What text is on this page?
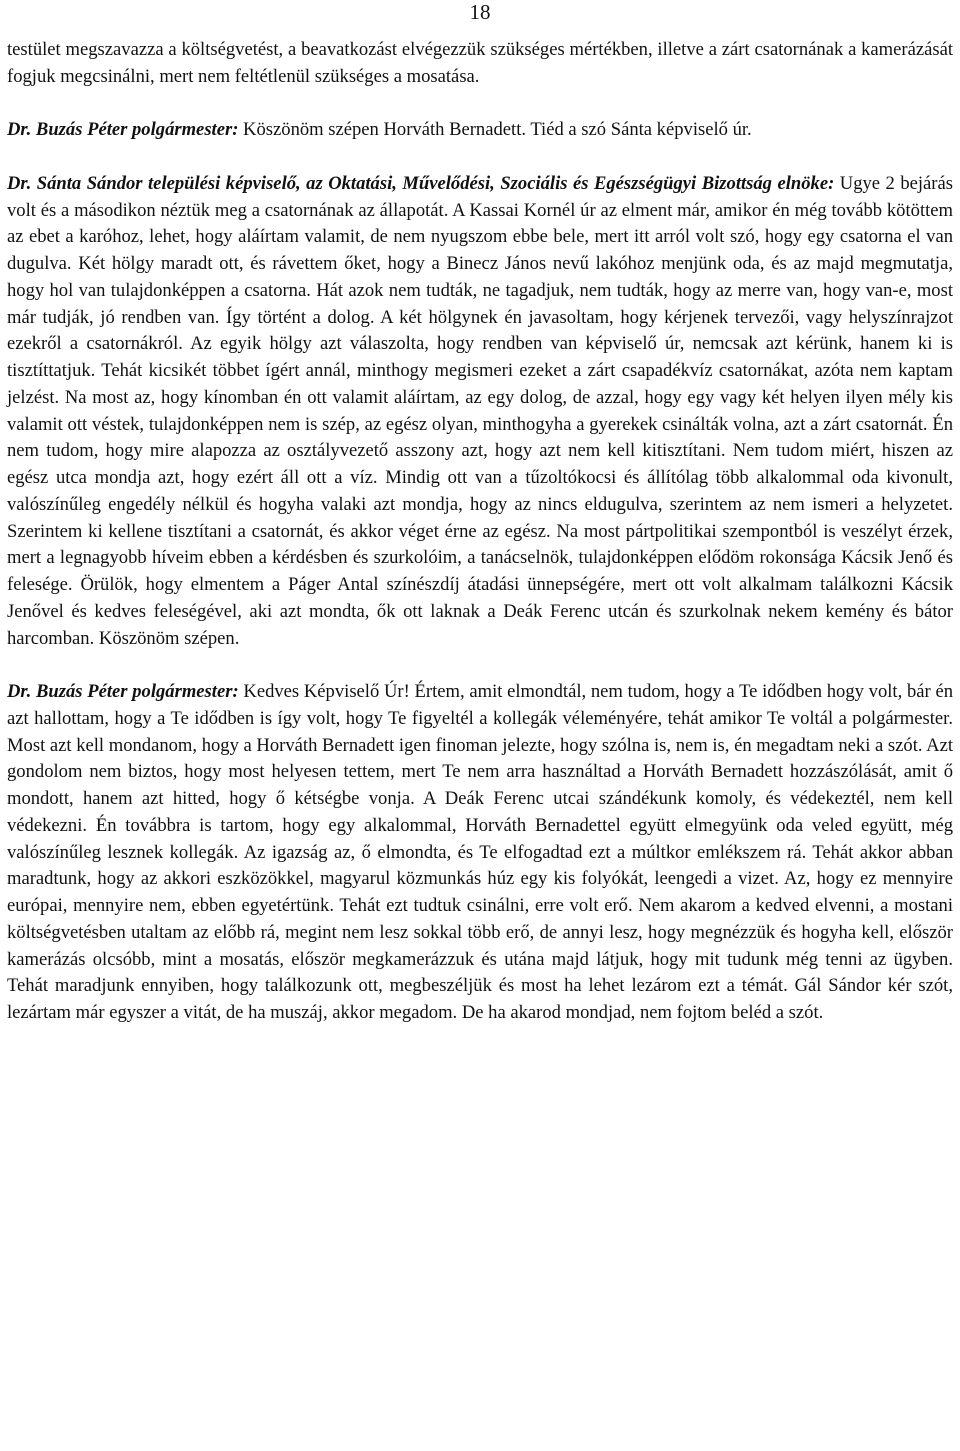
18

testület megszavazza a költségvetést, a beavatkozást elvégezzük szükséges mértékben, illetve a zárt csatornának a kamerázását fogjuk megcsinálni, mert nem feltétlenül szükséges a mosatása.

Dr. Buzás Péter polgármester: Köszönöm szépen Horváth Bernadett. Tiéd a szó Sánta képviselő úr.

Dr. Sánta Sándor települési képviselő, az Oktatási, Művelődési, Szociális és Egészségügyi Bizottság elnöke: Ugye 2 bejárás volt és a másodikon néztük meg a csatornának az állapotát. A Kassai Kornél úr az elment már, amikor én még tovább kötöttem az ebet a karóhoz, lehet, hogy aláírtam valamit, de nem nyugszom ebbe bele, mert itt arról volt szó, hogy egy csatorna el van dugulva. Két hölgy maradt ott, és rávettem őket, hogy a Binecz János nevű lakóhoz menjünk oda, és az majd megmutatja, hogy hol van tulajdonképpen a csatorna. Hát azok nem tudták, ne tagadjuk, nem tudták, hogy az merre van, hogy van-e, most már tudják, jó rendben van. Így történt a dolog. A két hölgynek én javasoltam, hogy kérjenek tervezői, vagy helyszínrajzot ezekről a csatornákról. Az egyik hölgy azt válaszolta, hogy rendben van képviselő úr, nemcsak azt kérünk, hanem ki is tisztíttatjuk. Tehát kicsikét többet ígért annál, minthogy megismeri ezeket a zárt csapadékvíz csatornákat, azóta nem kaptam jelzést. Na most az, hogy kínomban én ott valamit aláírtam, az egy dolog, de azzal, hogy egy vagy két helyen ilyen mély kis valamit ott véstek, tulajdonképpen nem is szép, az egész olyan, minthogyha a gyerekek csinálták volna, azt a zárt csatornát. Én nem tudom, hogy mire alapozza az osztályvezető asszony azt, hogy azt nem kell kitisztítani. Nem tudom miért, hiszen az egész utca mondja azt, hogy ezért áll ott a víz. Mindig ott van a tűzoltókocsi és állítólag több alkalommal oda kivonult, valószínűleg engedély nélkül és hogyha valaki azt mondja, hogy az nincs eldugulva, szerintem az nem ismeri a helyzetet. Szerintem ki kellene tisztítani a csatornát, és akkor véget érne az egész. Na most pártpolitikai szempontból is veszélyt érzek, mert a legnagyobb híveim ebben a kérdésben és szurkolóim, a tanácselnök, tulajdonképpen elődöm rokonsága Kácsik Jenő és felesége. Örülök, hogy elmentem a Páger Antal színészdíj átadási ünnepségére, mert ott volt alkalmam találkozni Kácsik Jenővel és kedves feleségével, aki azt mondta, ők ott laknak a Deák Ferenc utcán és szurkolnak nekem kemény és bátor harcomban. Köszönöm szépen.

Dr. Buzás Péter polgármester: Kedves Képviselő Úr! Értem, amit elmondtál, nem tudom, hogy a Te idődben hogy volt, bár én azt hallottam, hogy a Te idődben is így volt, hogy Te figyeltél a kollegák véleményére, tehát amikor Te voltál a polgármester. Most azt kell mondanom, hogy a Horváth Bernadett igen finoman jelezte, hogy szólna is, nem is, én megadtam neki a szót. Azt gondolom nem biztos, hogy most helyesen tettem, mert Te nem arra használtad a Horváth Bernadett hozzászólását, amit ő mondott, hanem azt hitted, hogy ő kétségbe vonja. A Deák Ferenc utcai szándékunk komoly, és védekeztél, nem kell védekezni. Én továbbra is tartom, hogy egy alkalommal, Horváth Bernadettel együtt elmegyünk oda veled együtt, még valószínűleg lesznek kollegák. Az igazság az, ő elmondta, és Te elfogadtad ezt a múltkor emlékszem rá. Tehát akkor abban maradtunk, hogy az akkori eszközökkel, magyarul közmunkás húz egy kis folyókát, leengedi a vizet. Az, hogy ez mennyire európai, mennyire nem, ebben egyetértünk. Tehát ezt tudtuk csinálni, erre volt erő. Nem akarom a kedved elvenni, a mostani költségvetésben utaltam az előbb rá, megint nem lesz sokkal több erő, de annyi lesz, hogy megnézzük és hogyha kell, először kamerázás olcsóbb, mint a mosatás, először megkamerázzuk és utána majd látjuk, hogy mit tudunk még tenni az ügyben. Tehát maradjunk ennyiben, hogy találkozunk ott, megbeszéljük és most ha lehet lezárom ezt a témát. Gál Sándor kér szót, lezártam már egyszer a vitát, de ha muszáj, akkor megadom. De ha akarod mondjad, nem fojtom beléd a szót.
